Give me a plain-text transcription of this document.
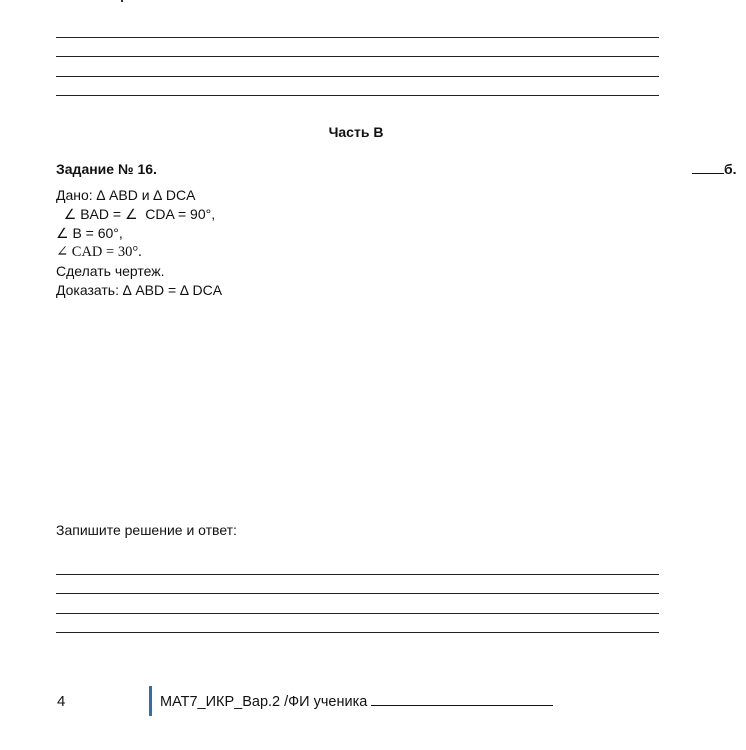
Часть В
Задание № 16.	б.
Дано: ∆ ABD и ∆ DCA
∠ BAD = ∠  CDA = 90°,
∠ B = 60°,
∠ CAD = 30°.
Сделать чертеж.
Доказать: ∆ ABD = ∆ DCA
Запишите решение и ответ:
4	МАТ7_ИКР_Вар.2 /ФИ ученика
